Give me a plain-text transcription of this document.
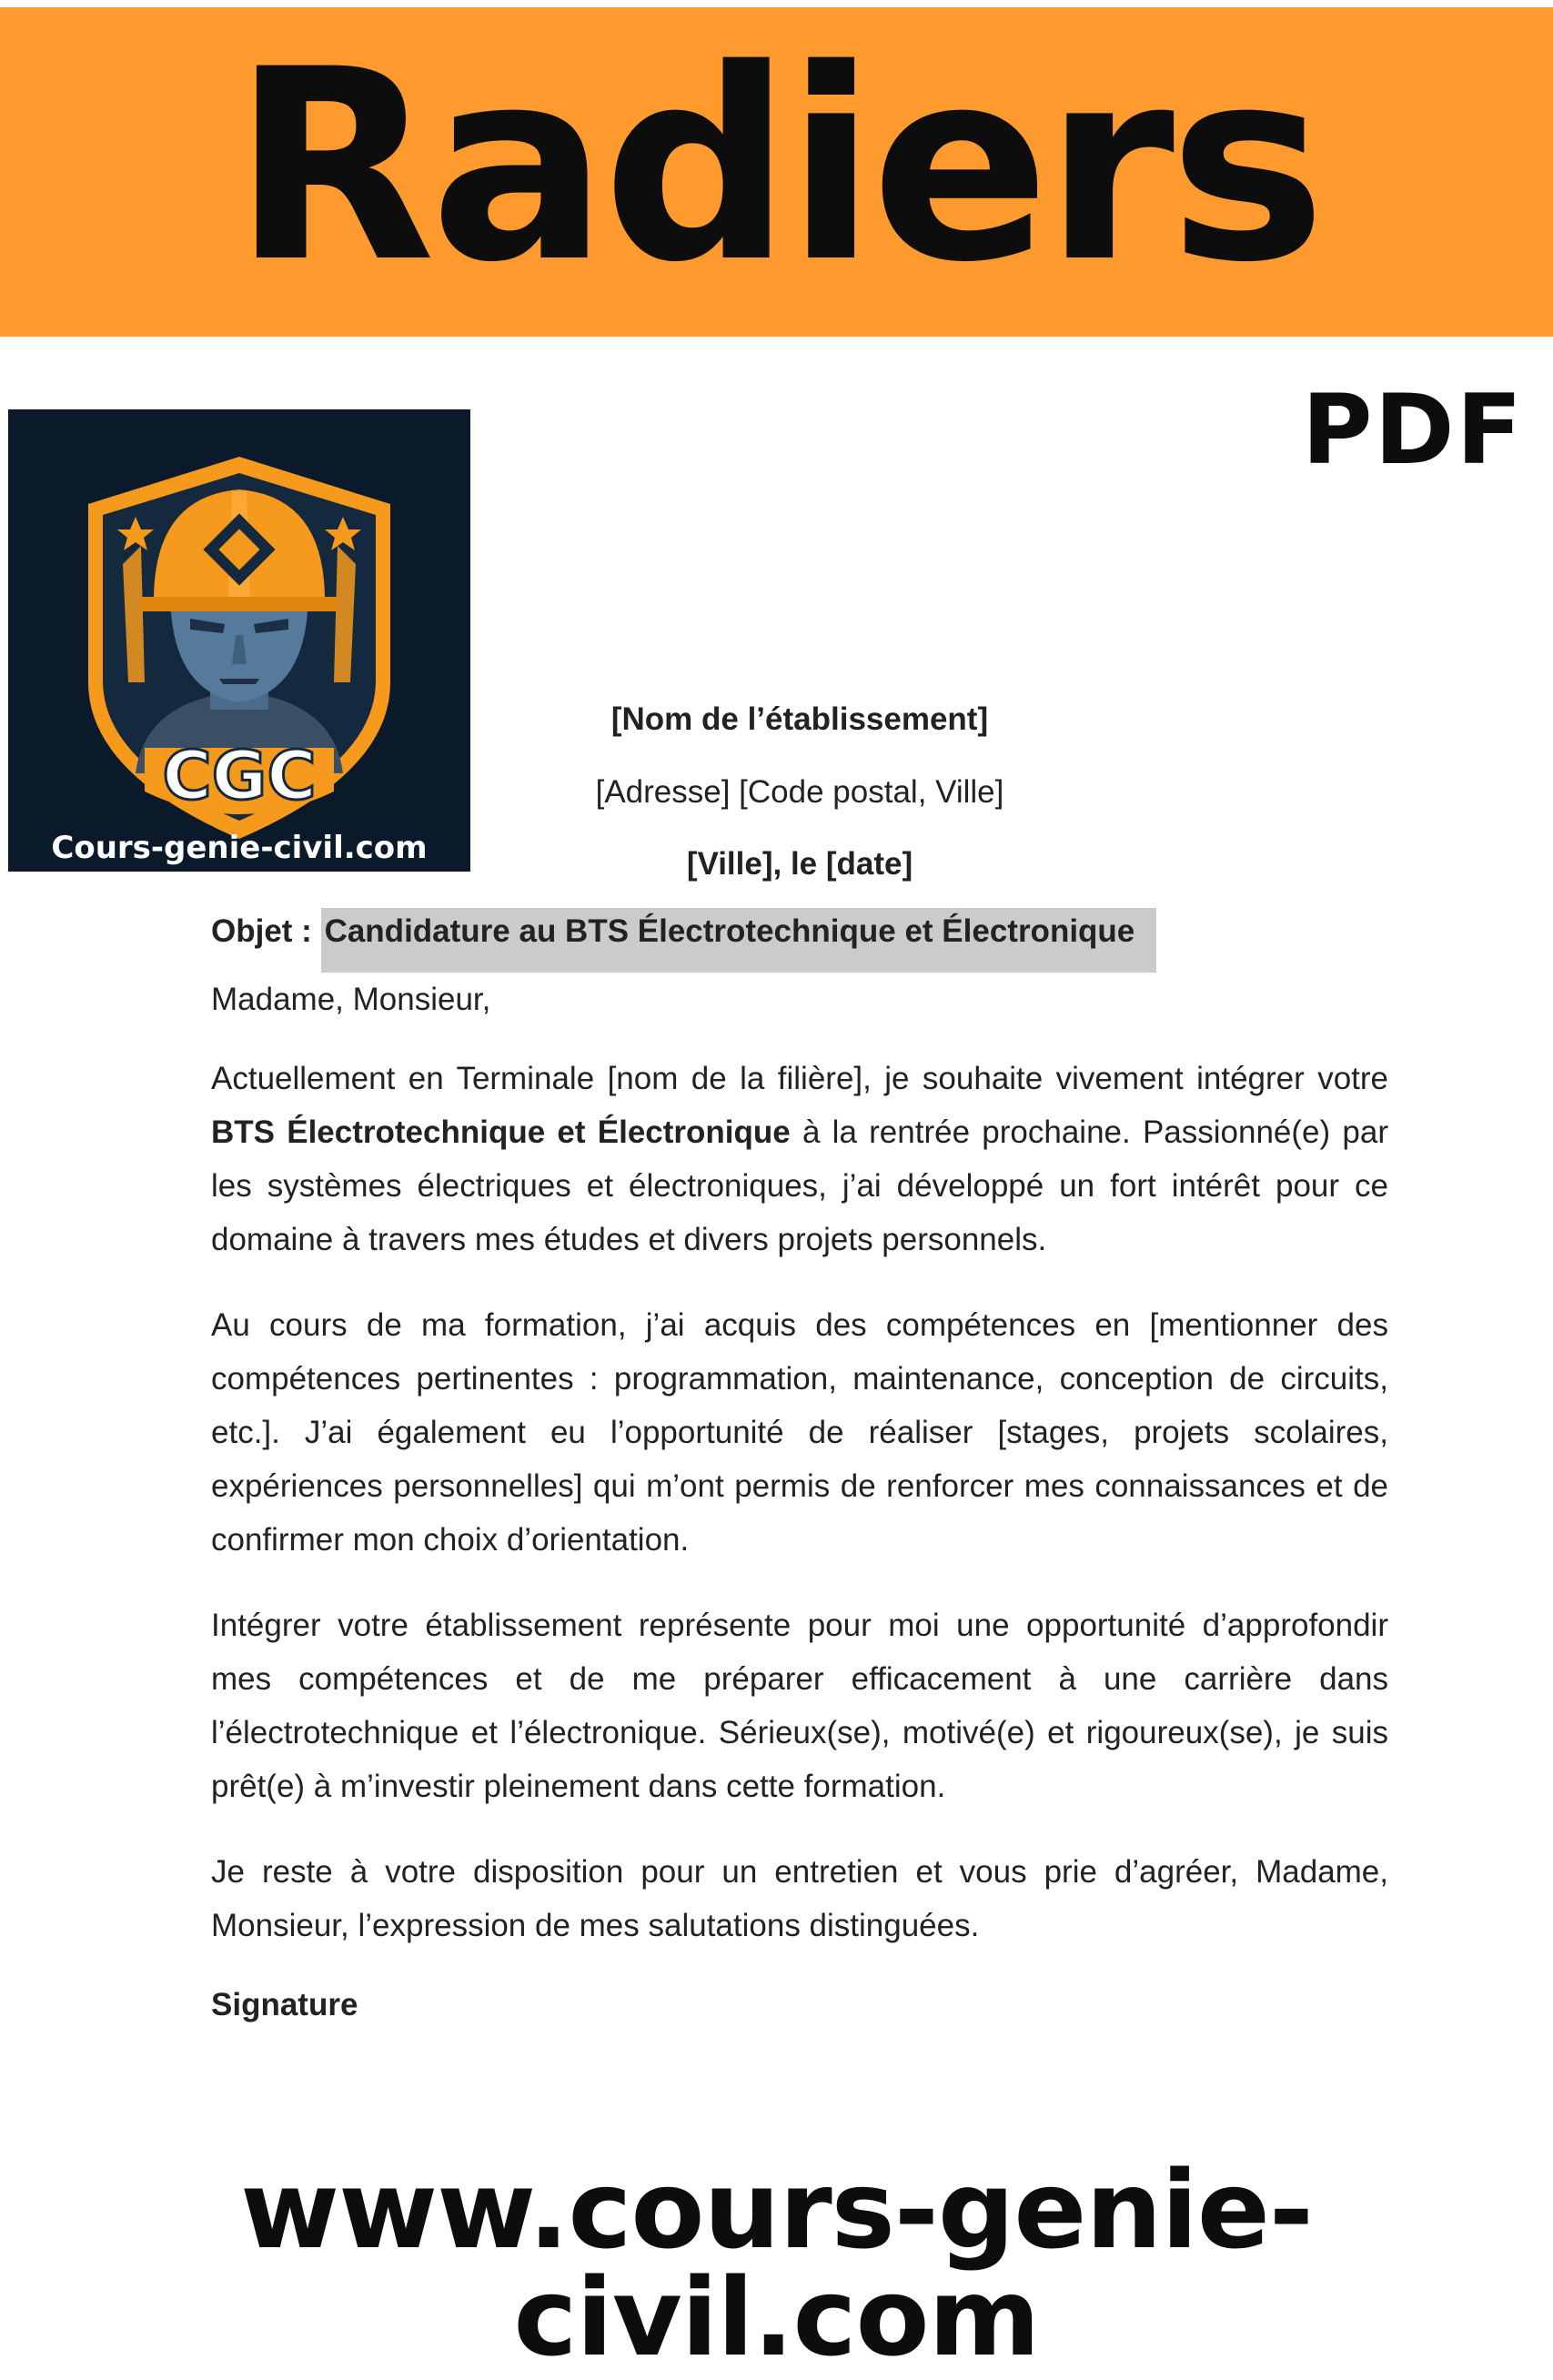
Radiers
PDF
CGC
Cours-genie-civil.com
[Nom de l’établissement]
[Adresse] [Code postal, Ville]
[Ville], le [date]
Objet : Candidature au BTS Électrotechnique et Électronique
Madame, Monsieur,

Actuellement en Terminale [nom de la filière], je souhaite vivement intégrer votre BTS Électrotechnique et Électronique à la rentrée prochaine. Passionné(e) par les systèmes électriques et électroniques, j’ai développé un fort intérêt pour ce domaine à travers mes études et divers projets personnels.

Au cours de ma formation, j’ai acquis des compétences en [mentionner des compétences pertinentes : programmation, maintenance, conception de circuits, etc.]. J’ai également eu l’opportunité de réaliser [stages, projets scolaires, expériences personnelles] qui m’ont permis de renforcer mes connaissances et de confirmer mon choix d’orientation.

Intégrer votre établissement représente pour moi une opportunité d’approfondir mes compétences et de me préparer efficacement à une carrière dans l’électrotechnique et l’électronique. Sérieux(se), motivé(e) et rigoureux(se), je suis prêt(e) à m’investir pleinement dans cette formation.

Je reste à votre disposition pour un entretien et vous prie d’agréer, Madame, Monsieur, l’expression de mes salutations distinguées.

Signature
www.cours-genie-civil.com
